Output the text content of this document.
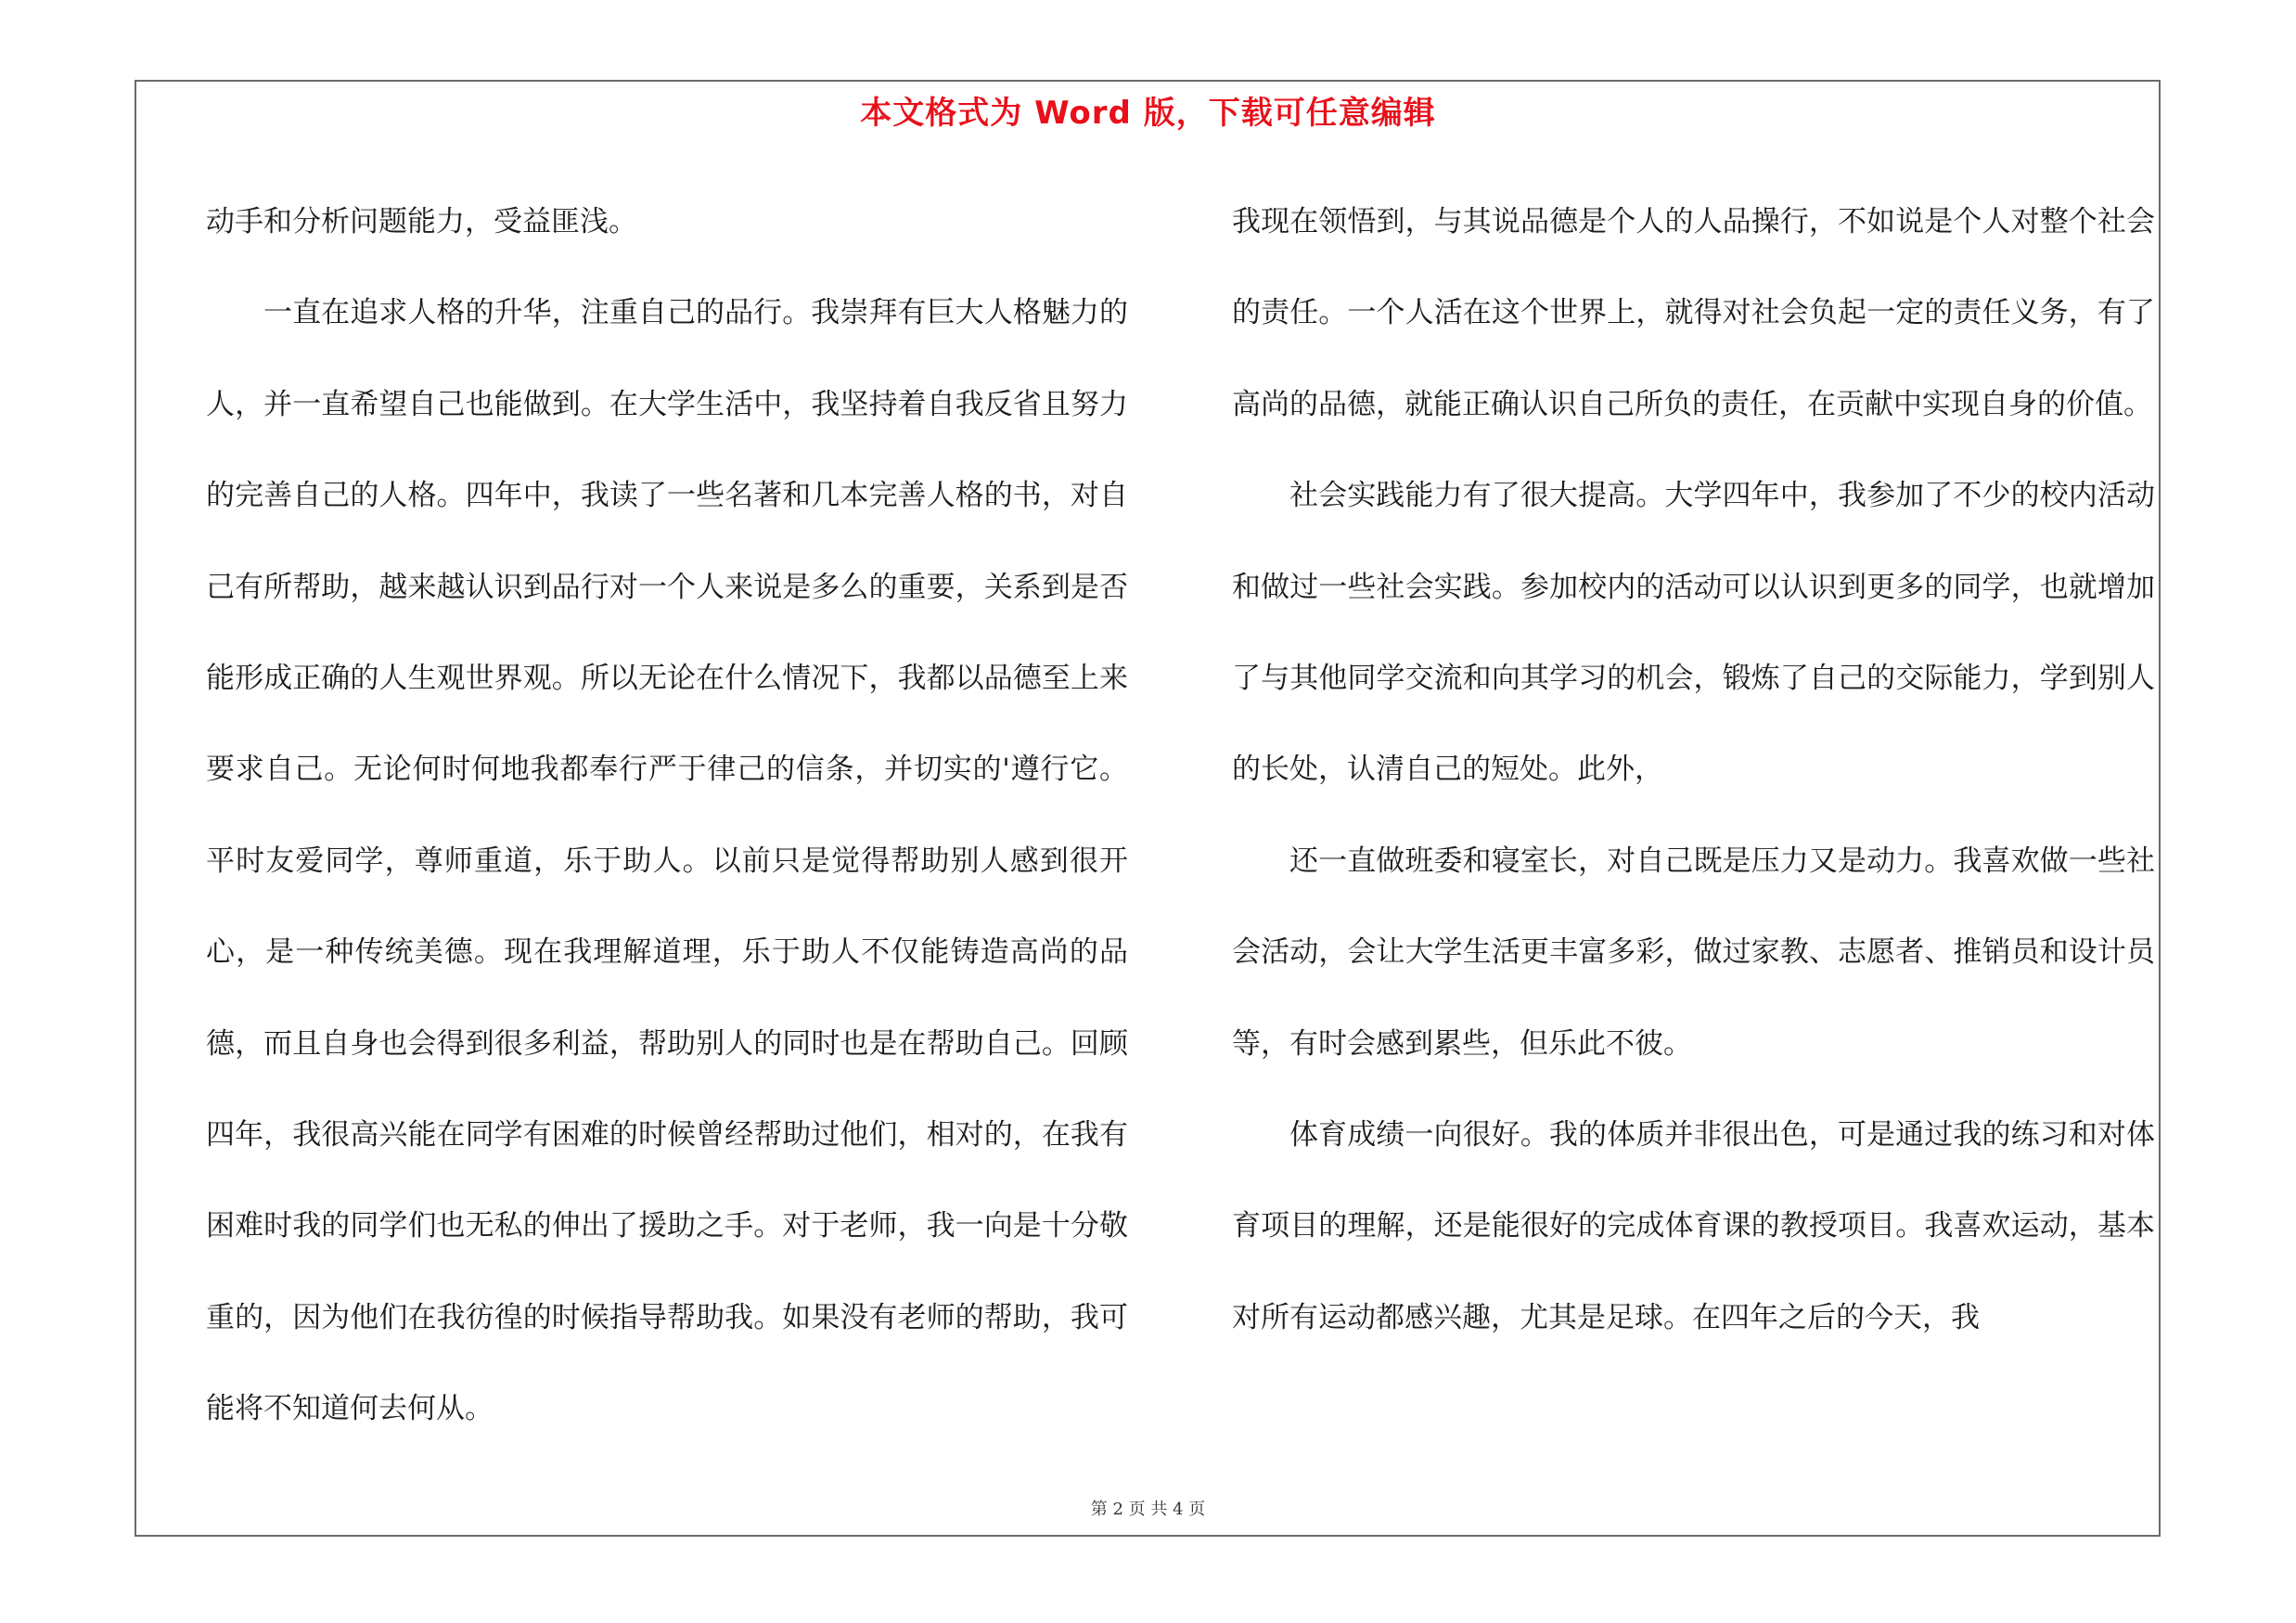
本文格式为 Word 版，下载可任意编辑

动手和分析问题能力，受益匪浅。

一直在追求人格的升华，注重自己的品行。我崇拜有巨大人格魅力的人，并一直希望自己也能做到。在大学生活中，我坚持着自我反省且努力的完善自己的人格。四年中，我读了一些名著和几本完善人格的书，对自己有所帮助，越来越认识到品行对一个人来说是多么的重要，关系到是否能形成正确的人生观世界观。所以无论在什么情况下，我都以品德至上来要求自己。无论何时何地我都奉行严于律己的信条，并切实的'遵行它。平时友爱同学，尊师重道，乐于助人。以前只是觉得帮助别人感到很开心，是一种传统美德。现在我理解道理，乐于助人不仅能铸造高尚的品德，而且自身也会得到很多利益，帮助别人的同时也是在帮助自己。回顾四年，我很高兴能在同学有困难的时候曾经帮助过他们，相对的，在我有困难时我的同学们也无私的伸出了援助之手。对于老师，我一向是十分敬重的，因为他们在我彷徨的时候指导帮助我。如果没有老师的帮助，我可能将不知道何去何从。

我现在领悟到，与其说品德是个人的人品操行，不如说是个人对整个社会的责任。一个人活在这个世界上，就得对社会负起一定的责任义务，有了高尚的品德，就能正确认识自己所负的责任，在贡献中实现自身的价值。

社会实践能力有了很大提高。大学四年中，我参加了不少的校内活动和做过一些社会实践。参加校内的活动可以认识到更多的同学，也就增加了与其他同学交流和向其学习的机会，锻炼了自己的交际能力，学到别人的长处，认清自己的短处。此外，

还一直做班委和寝室长，对自己既是压力又是动力。我喜欢做一些社会活动，会让大学生活更丰富多彩，做过家教、志愿者、推销员和设计员等，有时会感到累些，但乐此不彼。

体育成绩一向很好。我的体质并非很出色，可是通过我的练习和对体育项目的理解，还是能很好的完成体育课的教授项目。我喜欢运动，基本对所有运动都感兴趣，尤其是足球。在四年之后的今天，我

第 2 页 共 4 页
